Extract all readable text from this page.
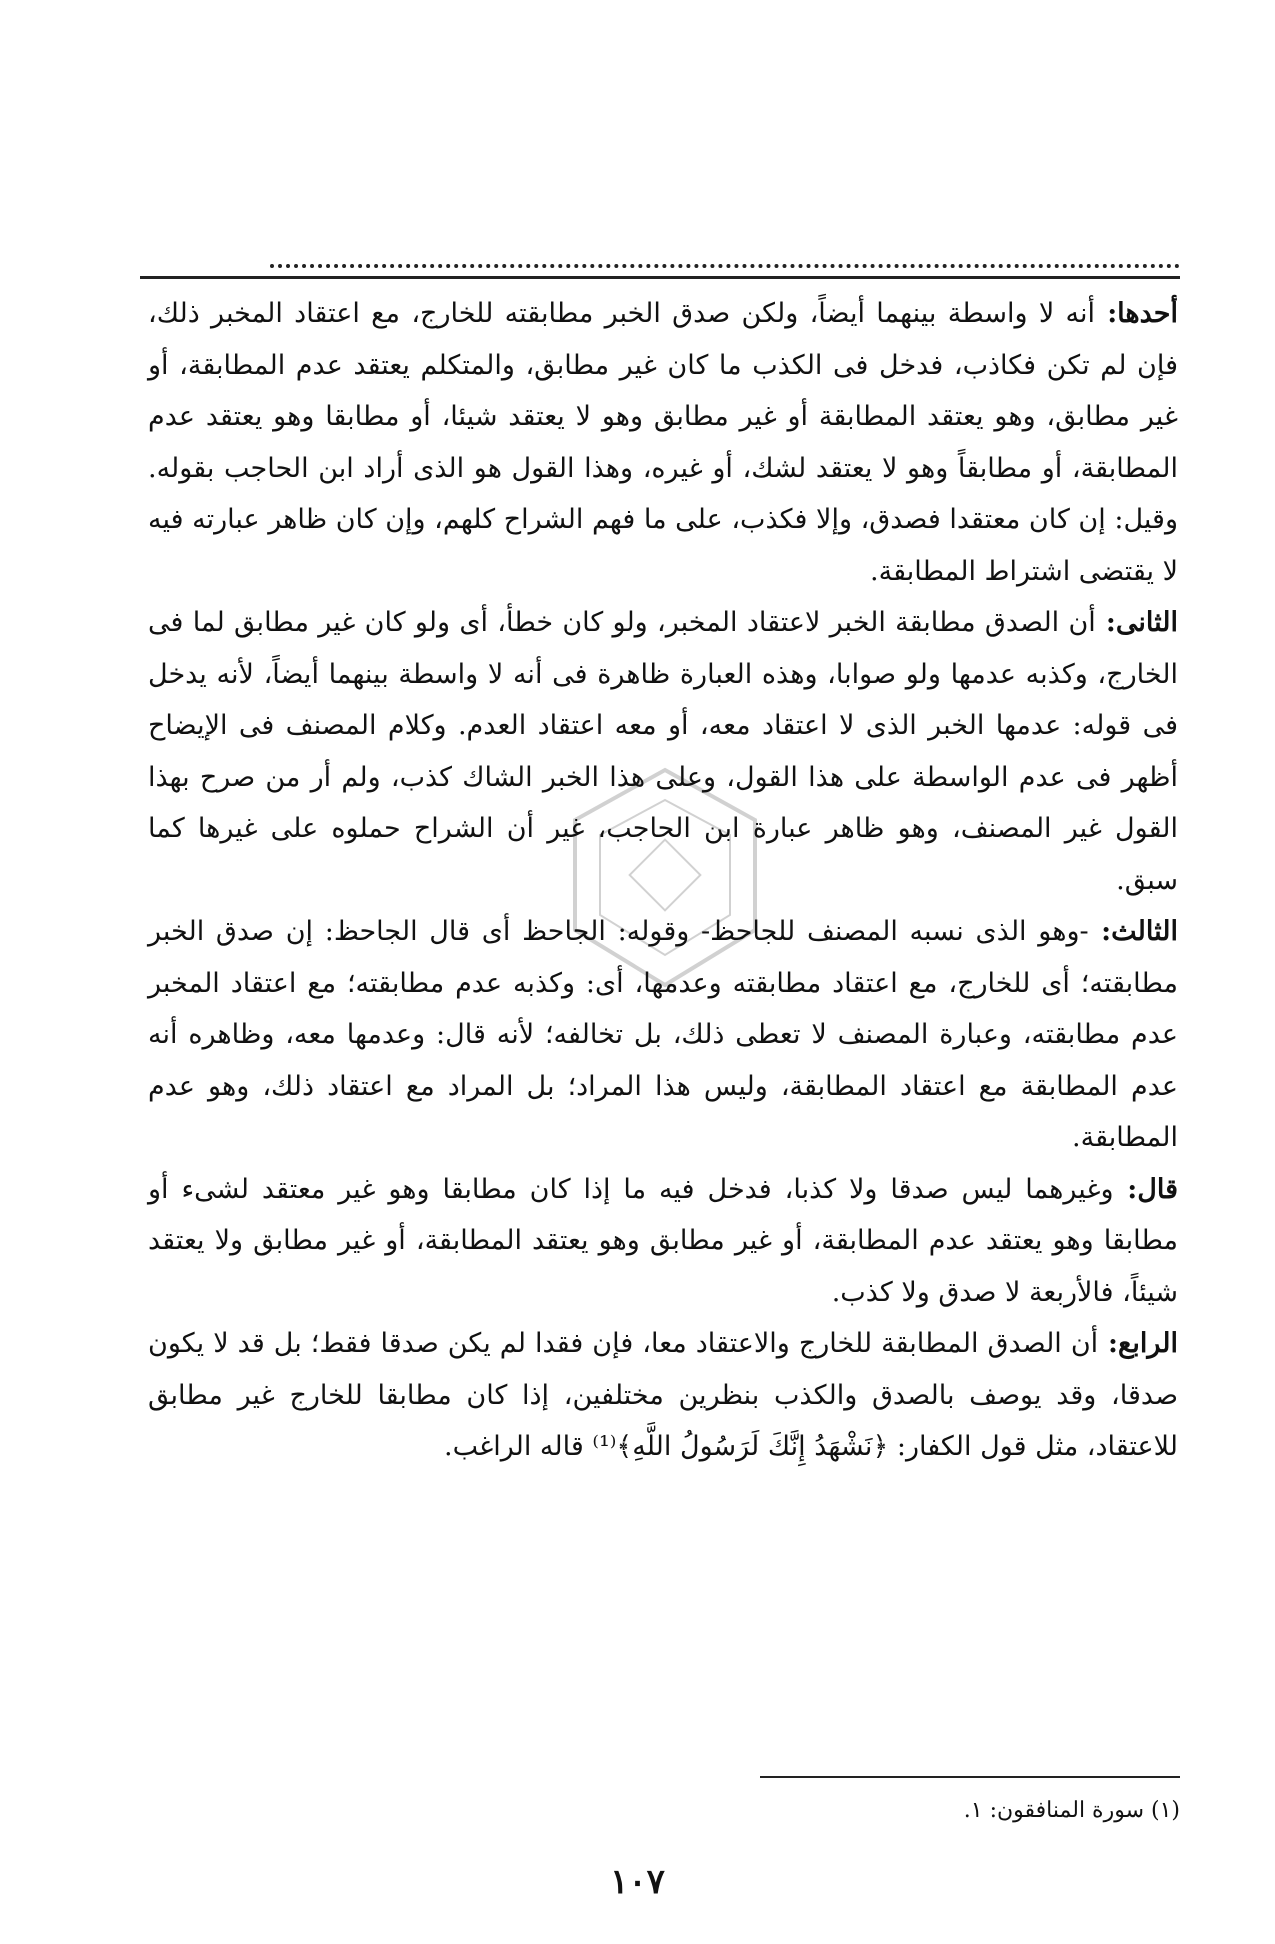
أحدها: أنه لا واسطة بينهما أيضاً، ولكن صدق الخبر مطابقته للخارج، مع اعتقاد المخبر ذلك، فإن لم تكن فكاذب، فدخل فى الكذب ما كان غير مطابق، والمتكلم يعتقد عدم المطابقة، أو غير مطابق، وهو يعتقد المطابقة أو غير مطابق وهو لا يعتقد شيئا، أو مطابقا وهو يعتقد عدم المطابقة، أو مطابقاً وهو لا يعتقد لشك، أو غيره، وهذا القول هو الذى أراد ابن الحاجب بقوله. وقيل: إن كان معتقدا فصدق، وإلا فكذب، على ما فهم الشراح كلهم، وإن كان ظاهر عبارته فيه لا يقتضى اشتراط المطابقة.

الثانى: أن الصدق مطابقة الخبر لاعتقاد المخبر، ولو كان خطأ، أى ولو كان غير مطابق لما فى الخارج، وكذبه عدمها ولو صوابا، وهذه العبارة ظاهرة فى أنه لا واسطة بينهما أيضاً، لأنه يدخل فى قوله: عدمها الخبر الذى لا اعتقاد معه، أو معه اعتقاد العدم. وكلام المصنف فى الإيضاح أظهر فى عدم الواسطة على هذا القول، وعلى هذا الخبر الشاك كذب، ولم أر من صرح بهذا القول غير المصنف، وهو ظاهر عبارة ابن الحاجب، غير أن الشراح حملوه على غيرها كما سبق.

الثالث: -وهو الذى نسبه المصنف للجاحظ- وقوله: الجاحظ أى قال الجاحظ: إن صدق الخبر مطابقته؛ أى للخارج، مع اعتقاد مطابقته وعدمها، أى: وكذبه عدم مطابقته؛ مع اعتقاد المخبر عدم مطابقته، وعبارة المصنف لا تعطى ذلك، بل تخالفه؛ لأنه قال: وعدمها معه، وظاهره أنه عدم المطابقة مع اعتقاد المطابقة، وليس هذا المراد؛ بل المراد مع اعتقاد ذلك، وهو عدم المطابقة.

قال: وغيرهما ليس صدقا ولا كذبا، فدخل فيه ما إذا كان مطابقا وهو غير معتقد لشىء أو مطابقا وهو يعتقد عدم المطابقة، أو غير مطابق وهو يعتقد المطابقة، أو غير مطابق ولا يعتقد شيئاً، فالأربعة لا صدق ولا كذب.

الرابع: أن الصدق المطابقة للخارج والاعتقاد معا، فإن فقدا لم يكن صدقا فقط؛ بل قد لا يكون صدقا، وقد يوصف بالصدق والكذب بنظرين مختلفين، إذا كان مطابقا للخارج غير مطابق للاعتقاد، مثل قول الكفار: ﴿نَشْهَدُ إِنَّكَ لَرَسُولُ اللَّهِ﴾⁽¹⁾ قاله الراغب.

(١) سورة المنافقون: ١.
١٠٧
